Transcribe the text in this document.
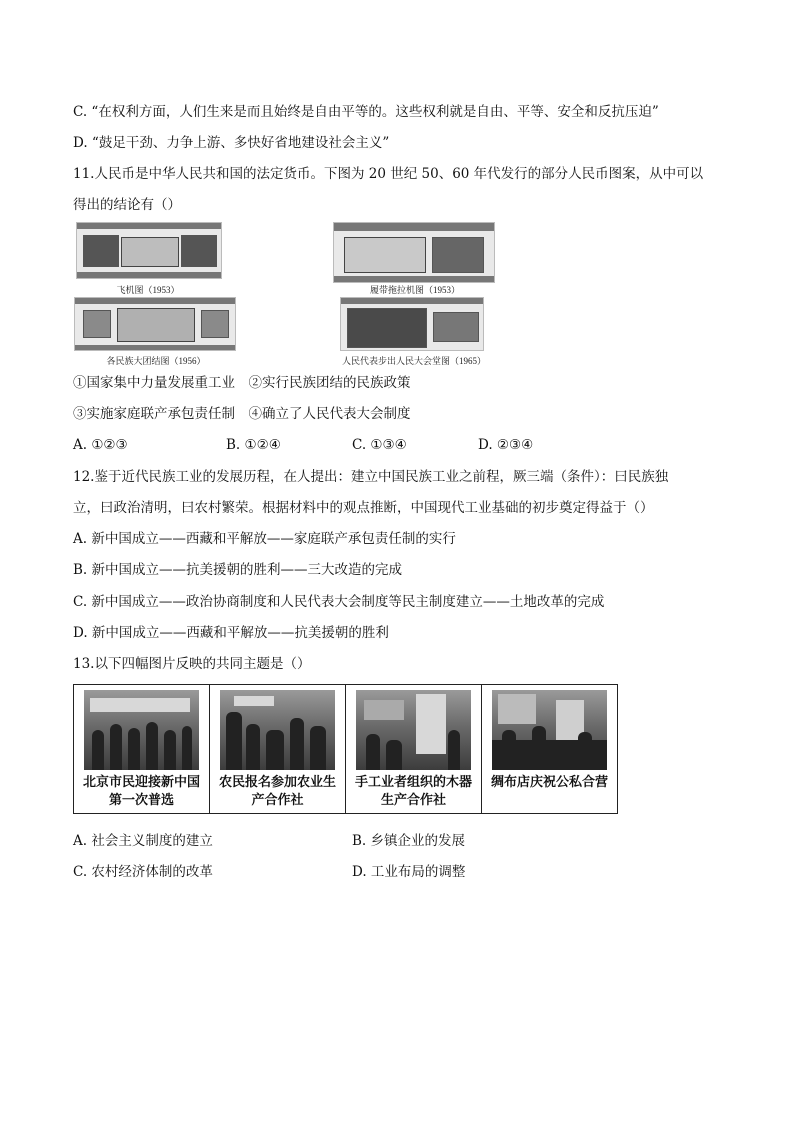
C. “在权利方面，人们生来是而且始终是自由平等的。这些权利就是自由、平等、安全和反抗压迫”
D. “鼓足干劲、力争上游、多快好省地建设社会主义”
11.人民币是中华人民共和国的法定货币。下图为 20 世纪 50、60 年代发行的部分人民币图案，从中可以
得出的结论有（）
飞机图（1953）	履带拖拉机图（1953）
各民族大团结图（1956）	人民代表步出人民大会堂图（1965）
①国家集中力量发展重工业　②实行民族团结的民族政策
③实施家庭联产承包责任制　④确立了人民代表大会制度
A. ①②③	B. ①②④	C. ①③④	D. ②③④
12.鉴于近代民族工业的发展历程，在人提出：建立中国民族工业之前程，厥三端（条件）：曰民族独
立，曰政治清明，曰农村繁荣。根据材料中的观点推断，中国现代工业基础的初步奠定得益于（）
A. 新中国成立——西藏和平解放——家庭联产承包责任制的实行
B. 新中国成立——抗美援朝的胜利——三大改造的完成
C. 新中国成立——政治协商制度和人民代表大会制度等民主制度建立——土地改革的完成
D. 新中国成立——西藏和平解放——抗美援朝的胜利
13.以下四幅图片反映的共同主题是（）
北京市民迎接新中国第一次普选
农民报名参加农业生产合作社
手工业者组织的木器生产合作社
绸布店庆祝公私合营
A. 社会主义制度的建立	B. 乡镇企业的发展
C. 农村经济体制的改革	D. 工业布局的调整
